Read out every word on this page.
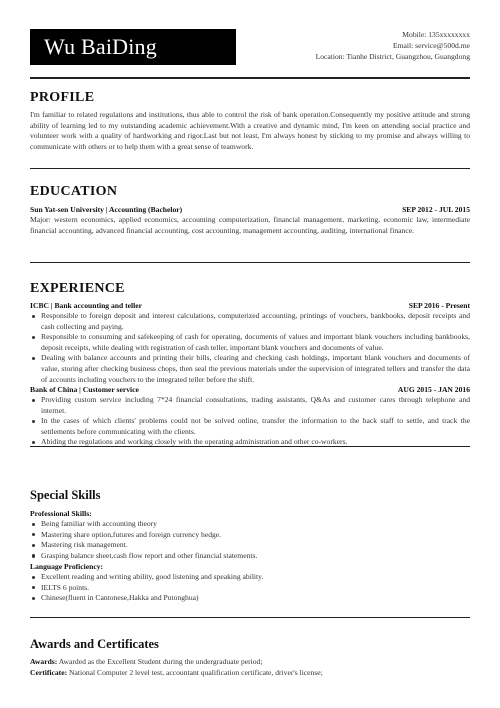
Wu BaiDing	Mobile: 135xxxxxxxx
Email: service@500d.me
Location: Tianhe District, Guangzhou, Guangdong
PROFILE
I'm familiar to related regulations and institutions, thus able to control the risk of bank operation.Consequently my positive attitude and strong ability of learning led to my outstanding academic achievement.With a creative and dynamic mind, I'm keen on attending social practice and volunteer work with a quality of hardworking and rigor.Last but not least, I'm always honest by sticking to my promise and always willing to communicate with others or to help them with a great sense of teamwork.
EDUCATION
Sun Yat-sen University | Accounting (Bachelor)	SEP 2012 - JUL 2015
Major: western economics, applied economics, accounting computerization, financial management, marketing, economic law, intermediate financial accounting, advanced financial accounting, cost accounting, management accounting, auditing, international finance.
EXPERIENCE
ICBC | Bank accounting and teller	SEP 2016 - Present
Responsible to foreign deposit and interest calculations, computerized accounting, printings of vouchers, bankbooks, deposit receipts and cash collecting and paying.
Responsible to consuming and safekeeping of cash for operating, documents of values and important blank vouchers including bankbooks, deposit receipts, while dealing with registration of cash teller, important blank vouchers and documents of value.
Dealing with balance accounts and printing their bills, clearing and checking cash holdings, important blank vouchers and documents of value, storing after checking business chops, then seal the previous materials under the supervision of integrated tellers and transfer the data of accounts including vouchers to the integrated teller before the shift.
Bank of China | Customer service	AUG 2015 - JAN 2016
Providing custom service including 7*24 financial consultations, trading assistants, Q&As and customer cares through telephone and internet.
In the cases of which clients' problems could not be solved online, transfer the information to the back staff to settle, and track the settlements before communicating with the clients.
Abiding the regulations and working closely with the operating administration and other co-workers.
Special Skills
Professional Skills:
Being familiar with accounting theory
Mastering share option,futures and foreign currency hedge.
Mastering risk management.
Grasping balance sheet,cash flow report and other financial statements.
Language Proficiency:
Excellent reading and writing ability, good listening and speaking ability.
IELTS 6 points.
Chinese(fluent in Cantonese,Hakka and Putonghua)
Awards and Certificates
Awards: Awarded as the Excellent Student during the undergraduate period;
Certificate: National Computer 2 level test, accountant qualification certificate, driver's license;
